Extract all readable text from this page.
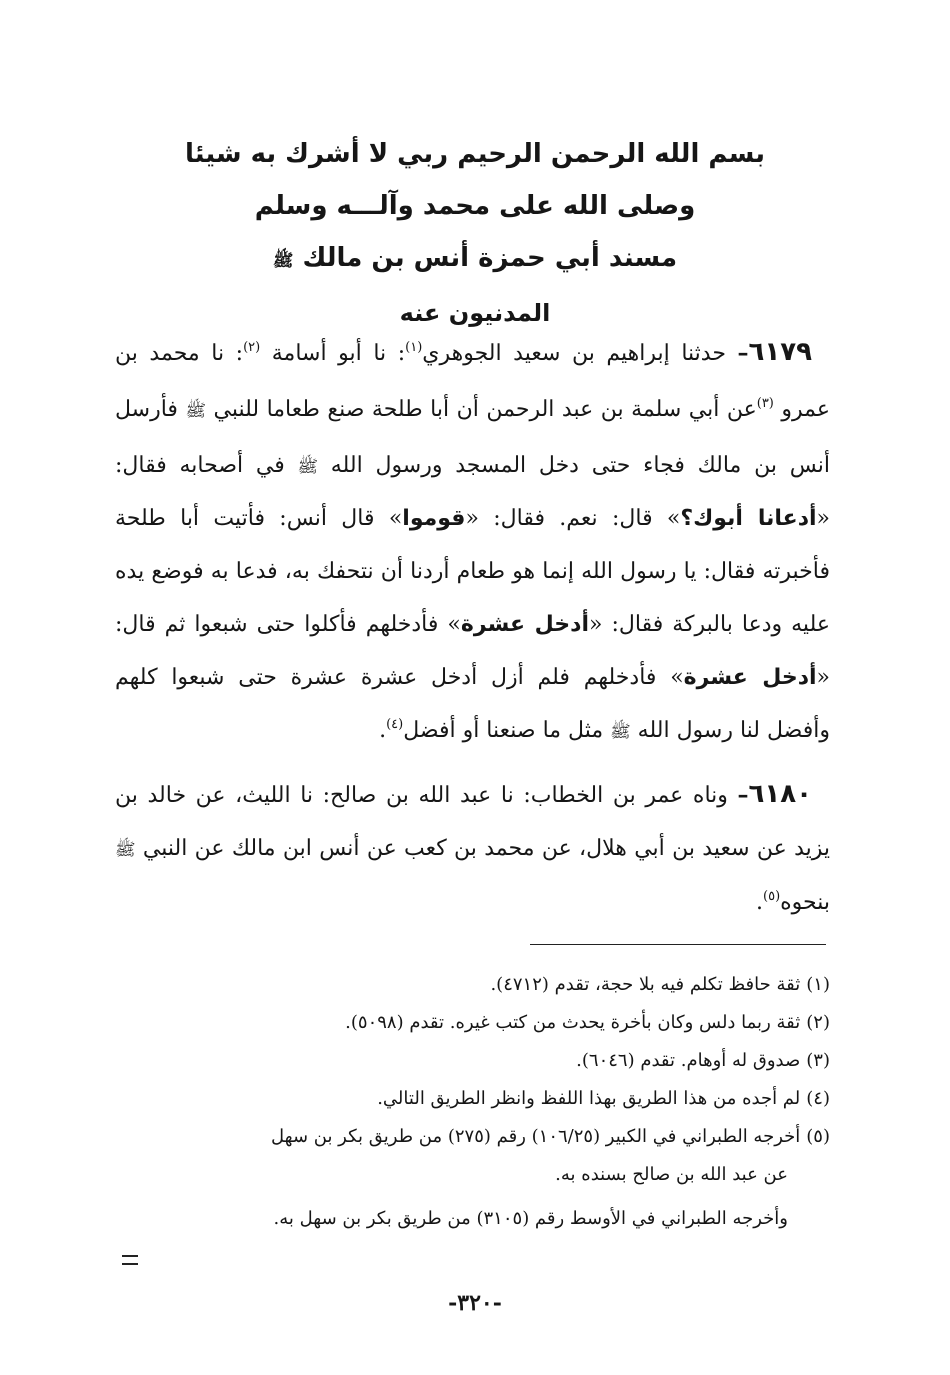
بسم الله الرحمن الرحيم ربي لا أشرك به شيئا
وصلى الله على محمد وآلـــه وسلم
مسند أبي حمزة أنس بن مالك ﷺ
المدنيون عنه

٦١٧٩– حدثنا إبراهيم بن سعيد الجوهري$^{(١)}$: نا أبو أسامة $^{(٢)}$: نا محمد بن عمرو $^{(٣)}$عن أبي سلمة بن عبد الرحمن أن أبا طلحة صنع طعاما للنبي ﷺ فأرسل أنس بن مالك فجاء حتى دخل المسجد ورسول الله ﷺ في أصحابه فقال: «أدعانا أبوك؟» قال: نعم. فقال: «قوموا» قال أنس: فأتيت أبا طلحة فأخبرته فقال: يا رسول الله إنما هو طعام أردنا أن نتحفك به، فدعا به فوضع يده عليه ودعا بالبركة فقال: «أدخل عشرة» فأدخلهم فأكلوا حتى شبعوا ثم قال: «أدخل عشرة» فأدخلهم فلم أزل أدخل عشرة عشرة حتى شبعوا كلهم وأفضل لنا رسول الله ﷺ مثل ما صنعنا أو أفضل$^{(٤)}$.

٦١٨٠– وناه عمر بن الخطاب: نا عبد الله بن صالح: نا الليث، عن خالد بن يزيد عن سعيد بن أبي هلال، عن محمد بن كعب عن أنس ابن مالك عن النبي ﷺ بنحوه$^{(٥)}$.

(١)ثقة حافظ تكلم فيه بلا حجة، تقدم (٤٧١٢).
(٢)ثقة ربما دلس وكان بأخرة يحدث من كتب غيره. تقدم (٥٠٩٨).
(٣)صدوق له أوهام. تقدم (٦٠٤٦).
(٤)لم أجده من هذا الطريق بهذا اللفظ وانظر الطريق التالي.
(٥)أخرجه الطبراني في الكبير (١٠٦/٢٥) رقم (٢٧٥) من طريق بكر بن سهل
عن عبد الله بن صالح بسنده به.
وأخرجه الطبراني في الأوسط رقم (٣١٠٥) من طريق بكر بن سهل به.
-٣٢٠-
